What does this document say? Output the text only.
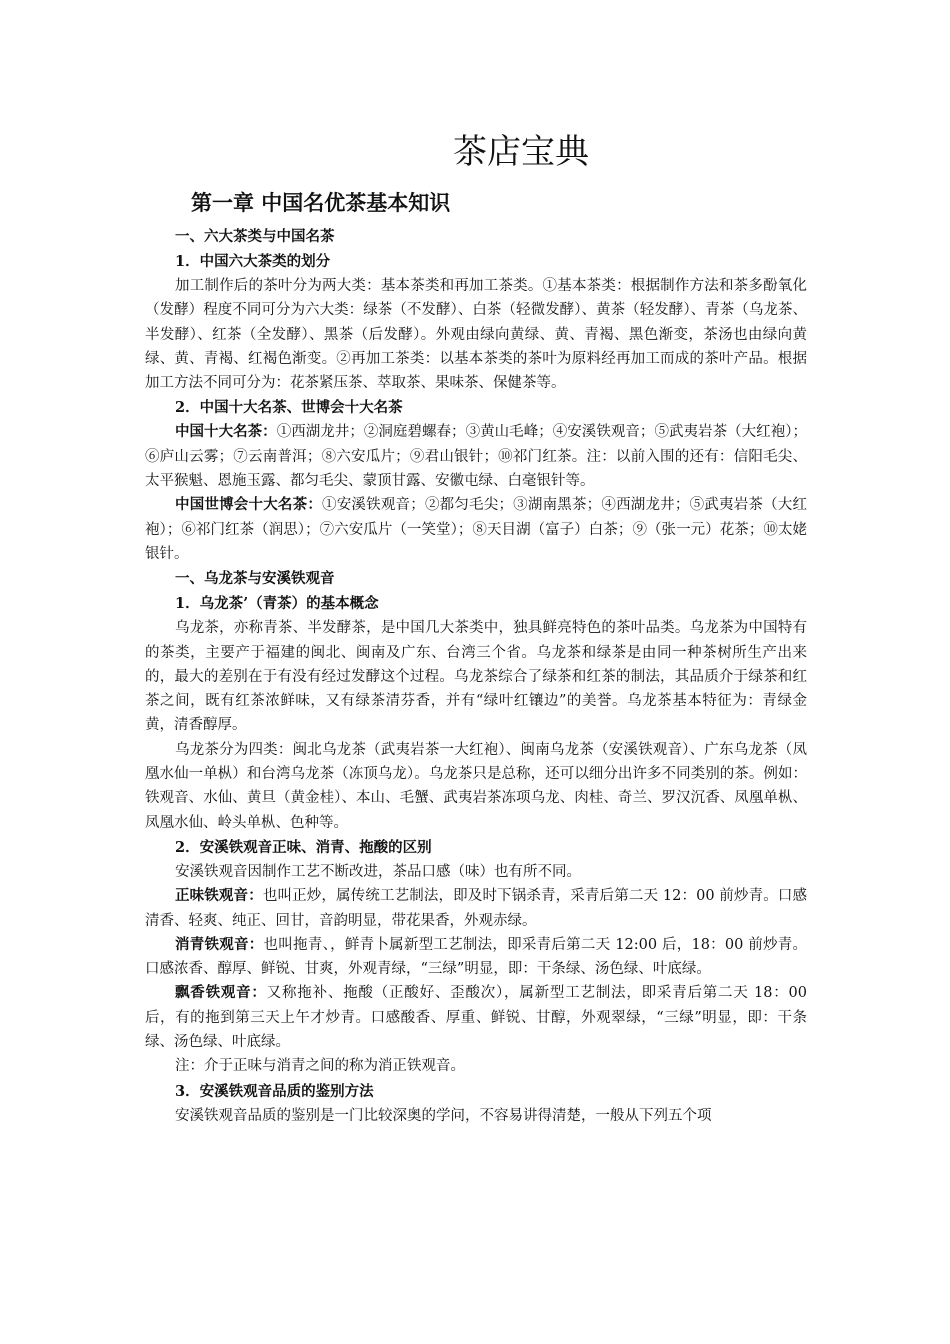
茶店宝典
第一章 中国名优茶基本知识

一、六大茶类与中国名茶

1．中国六大茶类的划分

加工制作后的茶叶分为两大类：基本茶类和再加工茶类。①基本茶类：根据制作方法和茶多酚氧化（发酵）程度不同可分为六大类：绿茶（不发酵）、白茶（轻微发酵）、黄茶（轻发酵）、青茶（乌龙茶、半发酵）、红茶（全发酵）、黑茶（后发酵）。外观由绿向黄绿、黄、青褐、黑色渐变，茶汤也由绿向黄绿、黄、青褐、红褐色渐变。②再加工茶类：以基本茶类的茶叶为原料经再加工而成的茶叶产品。根据加工方法不同可分为：花茶紧压茶、萃取茶、果味茶、保健茶等。

2．中国十大名茶、世博会十大名茶

中国十大名茶：①西湖龙井；②洞庭碧螺春；③黄山毛峰；④安溪铁观音；⑤武夷岩茶（大红袍）；⑥庐山云雾；⑦云南普洱；⑧六安瓜片；⑨君山银针；⑩祁门红茶。注：以前入围的还有：信阳毛尖、太平猴魁、恩施玉露、都匀毛尖、蒙顶甘露、安徽屯绿、白毫银针等。

中国世博会十大名茶：①安溪铁观音；②都匀毛尖；③湖南黑茶；④西湖龙井；⑤武夷岩茶（大红袍）；⑥祁门红茶（润思）；⑦六安瓜片（一笑堂）；⑧天目湖（富子）白茶；⑨（张一元）花茶；⑩太姥银针。

一、乌龙茶与安溪铁观音

1．乌龙茶’（青茶）的基本概念

乌龙茶，亦称青茶、半发酵茶，是中国几大茶类中，独具鲜亮特色的茶叶品类。乌龙茶为中国特有的茶类，主要产于福建的闽北、闽南及广东、台湾三个省。乌龙茶和绿茶是由同一种茶树所生产出来的，最大的差别在于有没有经过发酵这个过程。乌龙茶综合了绿茶和红茶的制法，其品质介于绿茶和红茶之间，既有红茶浓鲜味，又有绿茶清芬香，并有“绿叶红镶边”的美誉。乌龙茶基本特征为：青绿金黄，清香醇厚。

乌龙茶分为四类：闽北乌龙茶（武夷岩茶一大红袍）、闽南乌龙茶（安溪铁观音）、广东乌龙茶（凤凰水仙一单枞）和台湾乌龙茶（冻顶乌龙）。乌龙茶只是总称，还可以细分出许多不同类别的茶。例如：铁观音、水仙、黄旦（黄金桂）、本山、毛蟹、武夷岩茶冻项乌龙、肉桂、奇兰、罗汉沉香、凤凰单枞、凤凰水仙、岭头单枞、色种等。

2．安溪铁观音正味、消青、拖酸的区别

安溪铁观音因制作工艺不断改进，茶品口感（味）也有所不同。

正味铁观音：也叫正炒，属传统工艺制法，即及时下锅杀青，采青后第二天 12：00 前炒青。口感清香、轻爽、纯正、回甘，音韵明显，带花果香，外观赤绿。

消青铁观音：也叫拖青、，鲜青卜属新型工艺制法，即采青后第二天 12:00 后，18：00 前炒青。口感浓香、醇厚、鲜锐、甘爽，外观青绿，“三绿”明显，即：干条绿、汤色绿、叶底绿。

飘香铁观音：又称拖补、拖酸（正酸好、歪酸次），属新型工艺制法，即采青后第二天 18：00 后，有的拖到第三天上午才炒青。口感酸香、厚重、鲜锐、甘醇，外观翠绿，“三绿”明显，即：干条绿、汤色绿、叶底绿。

注：介于正味与消青之间的称为消正铁观音。

3．安溪铁观音品质的鉴别方法

安溪铁观音品质的鉴别是一门比较深奥的学问，不容易讲得清楚，一般从下列五个项
